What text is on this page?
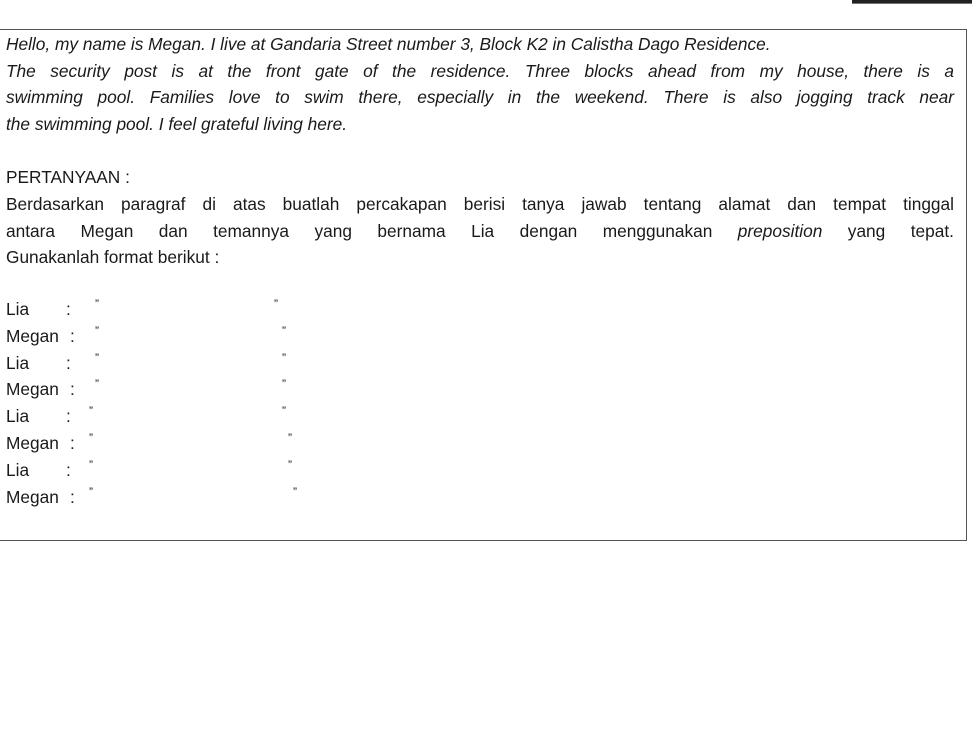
Hello, my name is Megan. I live at Gandaria Street number 3, Block K2 in Calistha Dago Residence.
The security post is at the front gate of the residence. Three blocks ahead from my house, there is a
swimming pool. Families love to swim there, especially in the weekend. There is also jogging track near
the swimming pool. I feel grateful living here.
PERTANYAAN :
Berdasarkan paragraf di atas buatlah percakapan berisi tanya jawab tentang alamat dan tempat tinggal
antara Megan dan temannya yang bernama Lia dengan menggunakan preposition yang tepat.
Gunakanlah format berikut :
Lia : ”	”
Megan : ”	”
Lia : ”	”
Megan : ”	”
Lia : ”	”
Megan : ”	”
Lia : ”	”
Megan : ”	”
